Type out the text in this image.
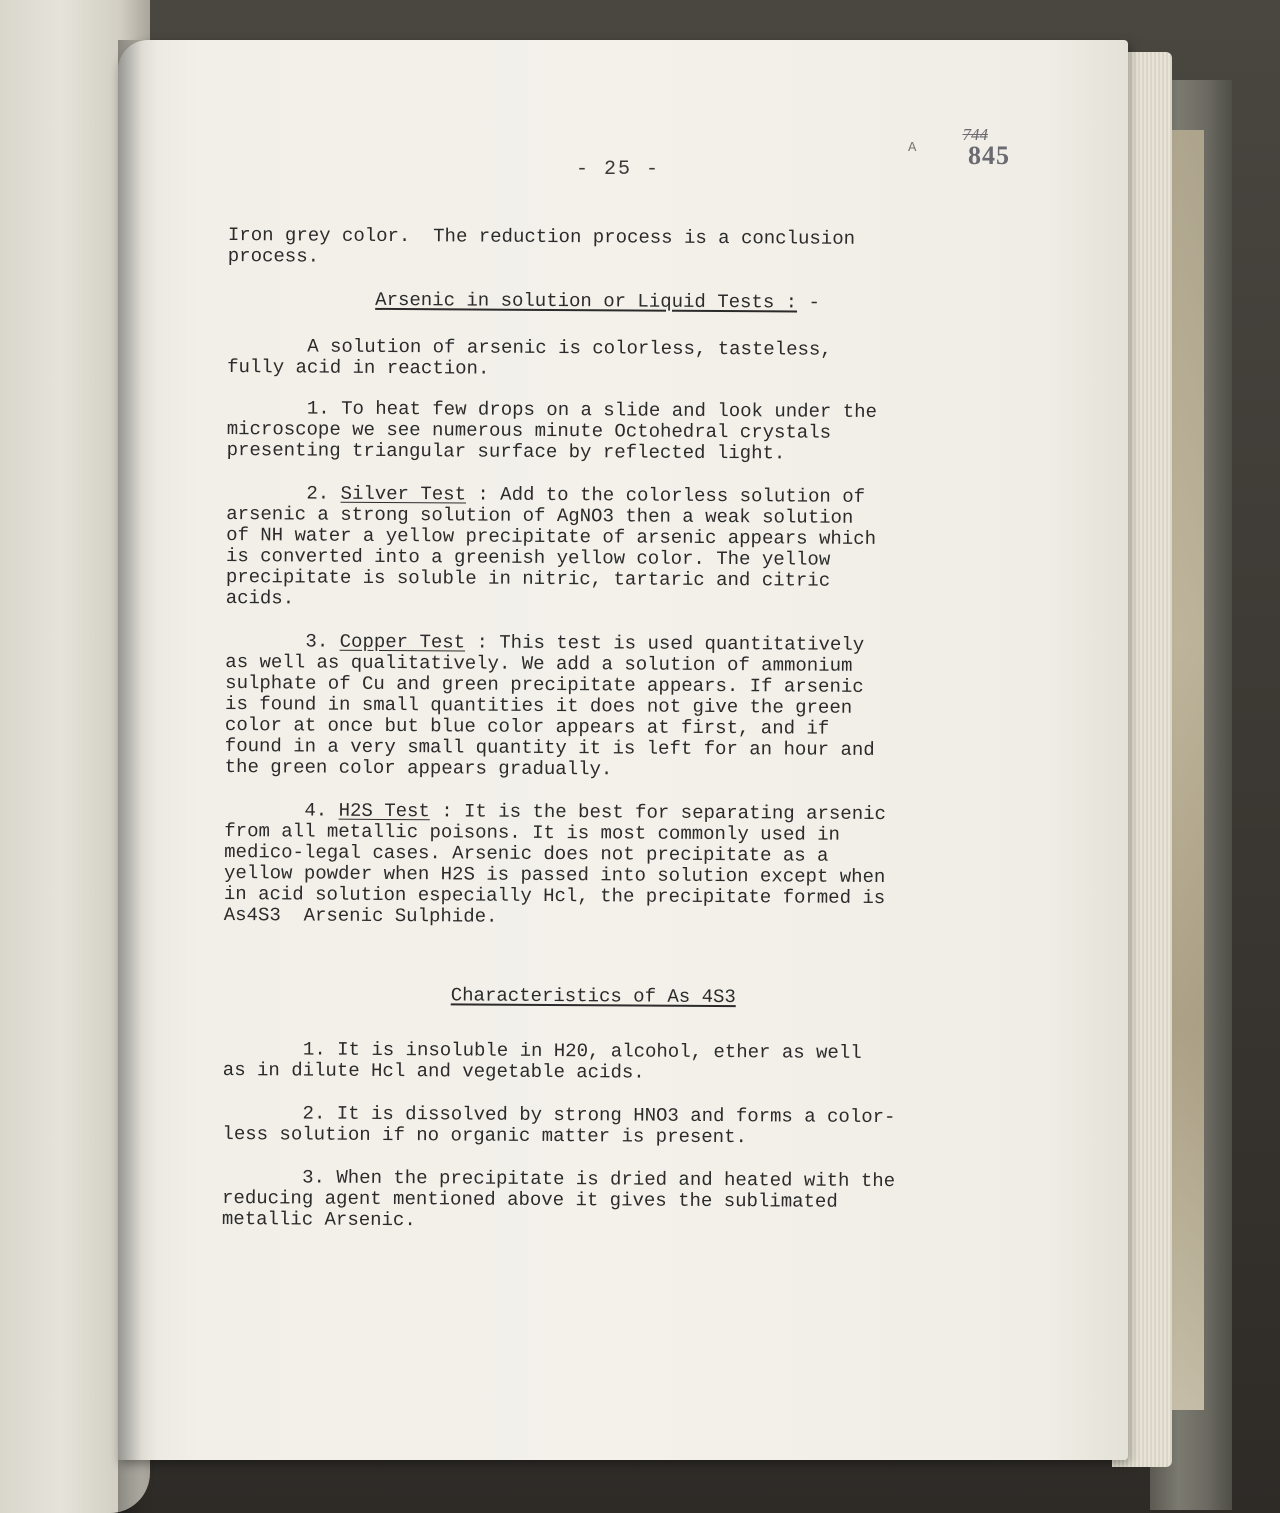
744
845
A
- 25 -

Iron grey color.  The reduction process is a conclusion
process.

Arsenic in solution or Liquid Tests : -

A solution of arsenic is colorless, tasteless,
fully acid in reaction.

1. To heat few drops on a slide and look under the
microscope we see numerous minute Octohedral crystals
presenting triangular surface by reflected light.

2. Silver Test : Add to the colorless solution of
arsenic a strong solution of AgNO3 then a weak solution
of NH water a yellow precipitate of arsenic appears which
is converted into a greenish yellow color. The yellow
precipitate is soluble in nitric, tartaric and citric
acids.

3. Copper Test : This test is used quantitatively
as well as qualitatively. We add a solution of ammonium
sulphate of Cu and green precipitate appears. If arsenic
is found in small quantities it does not give the green
color at once but blue color appears at first, and if
found in a very small quantity it is left for an hour and
the green color appears gradually.

4. H2S Test : It is the best for separating arsenic
from all metallic poisons. It is most commonly used in
medico-legal cases. Arsenic does not precipitate as a
yellow powder when H2S is passed into solution except when
in acid solution especially Hcl, the precipitate formed is
As4S3  Arsenic Sulphide.

Characteristics of As 4S3

1. It is insoluble in H20, alcohol, ether as well
as in dilute Hcl and vegetable acids.

2. It is dissolved by strong HNO3 and forms a color-
less solution if no organic matter is present.

3. When the precipitate is dried and heated with the
reducing agent mentioned above it gives the sublimated
metallic Arsenic.
